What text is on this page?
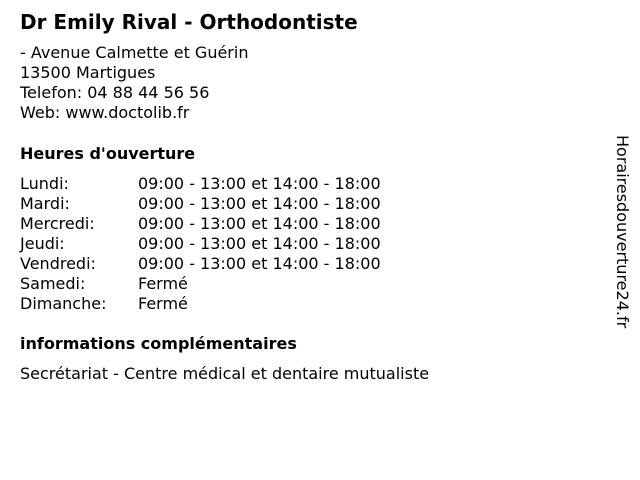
Dr Emily Rival - Orthodontiste
- Avenue Calmette et Guérin
13500 Martigues
Telefon: 04 88 44 56 56
Web: www.doctolib.fr
Heures d'ouverture
Lundi:	09:00 - 13:00 et 14:00 - 18:00
Mardi:	09:00 - 13:00 et 14:00 - 18:00
Mercredi:	09:00 - 13:00 et 14:00 - 18:00
Jeudi:	09:00 - 13:00 et 14:00 - 18:00
Vendredi:	09:00 - 13:00 et 14:00 - 18:00
Samedi:	Fermé
Dimanche: Fermé
informations complémentaires
Secrétariat - Centre médical et dentaire mutualiste
Horairesdouverture24.fr
